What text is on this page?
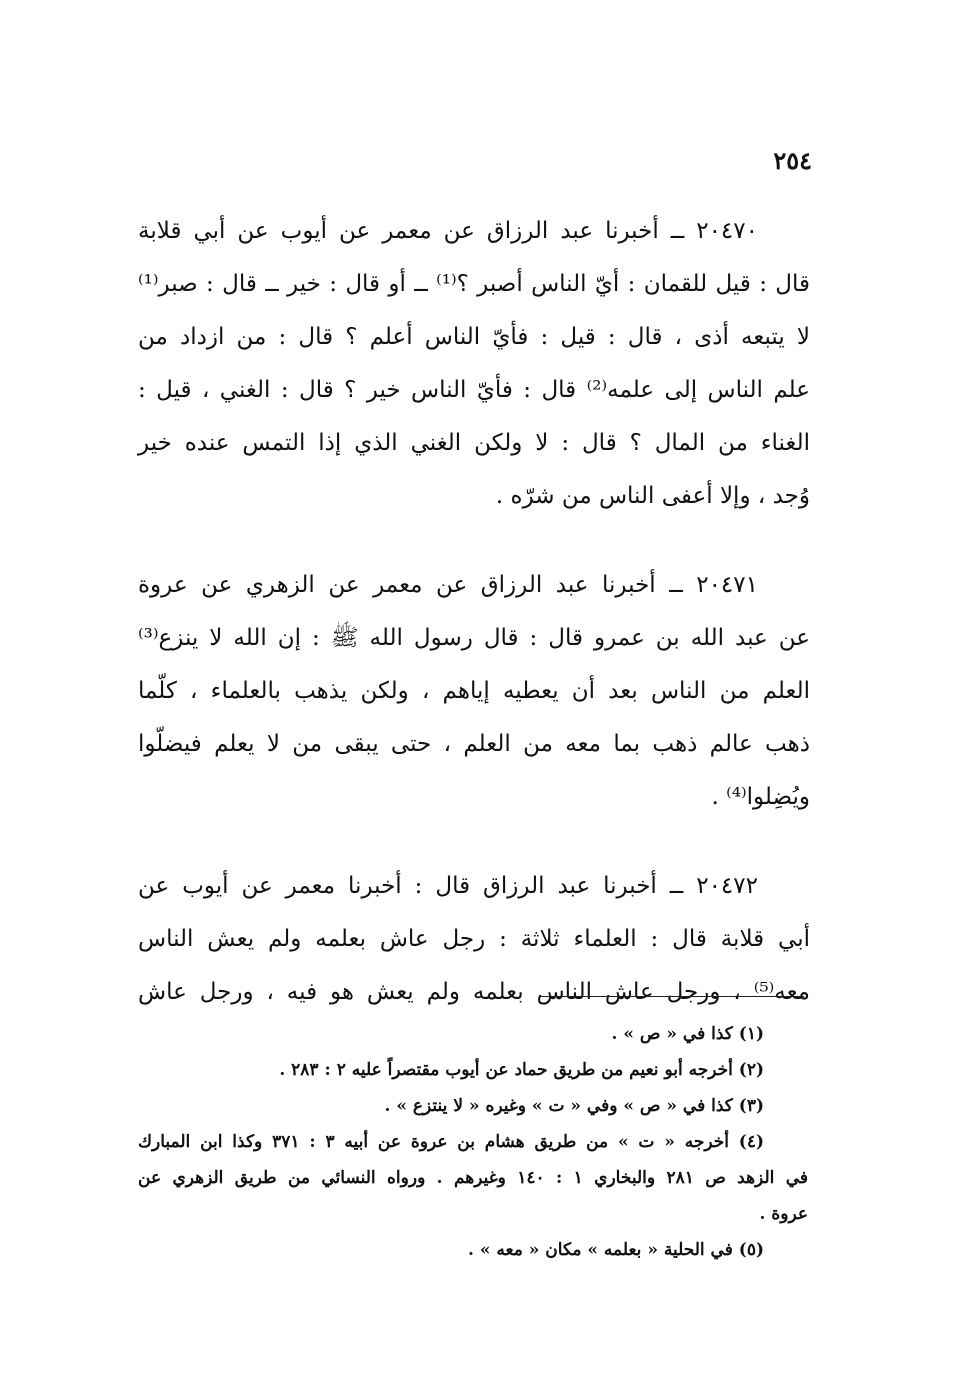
٢٥٤
٢٠٤٧٠ ــ أخبرنا عبد الرزاق عن معمر عن أيوب عن أبي قلابة
قال : قيل للقمان : أيّ الناس أصبر ؟⁽¹⁾ ــ أو قال : خير ــ قال : صبر⁽¹⁾
لا يتبعه أذى ، قال : قيل : فأيّ الناس أعلم ؟ قال : من ازداد من
علم الناس إلى علمه⁽²⁾ قال : فأيّ الناس خير ؟ قال : الغني ، قيل :
الغناء من المال ؟ قال : لا ولكن الغني الذي إذا التمس عنده خير
وُجد ، وإلا أعفى الناس من شرّه .
٢٠٤٧١ ــ أخبرنا عبد الرزاق عن معمر عن الزهري عن عروة
عن عبد الله بن عمرو قال : قال رسول الله ﷺ : إن الله لا ينزع⁽³⁾
العلم من الناس بعد أن يعطيه إياهم ، ولكن يذهب بالعلماء ، كلّما
ذهب عالم ذهب بما معه من العلم ، حتى يبقى من لا يعلم فيضلّوا
ويُضِلوا⁽⁴⁾ .
٢٠٤٧٢ ــ أخبرنا عبد الرزاق قال : أخبرنا معمر عن أيوب عن
أبي قلابة قال : العلماء ثلاثة : رجل عاش بعلمه ولم يعش الناس
معه⁽⁵⁾ ، ورجل عاش الناس بعلمه ولم يعش هو فيه ، ورجل عاش
(١) كذا في « ص » .
(٢) أخرجه أبو نعيم من طريق حماد عن أيوب مقتصراً عليه ٢ : ٢٨٣ .
(٣) كذا في « ص » وفي « ت » وغيره « لا ينتزع » .
(٤) أخرجه « ت » من طريق هشام بن عروة عن أبيه ٣ : ٣٧١ وكذا ابن المبارك
في الزهد ص ٢٨١ والبخاري ١ : ١٤٠ وغيرهم . ورواه النسائي من طريق الزهري عن
عروة .
(٥) في الحلية « بعلمه » مكان « معه » .
